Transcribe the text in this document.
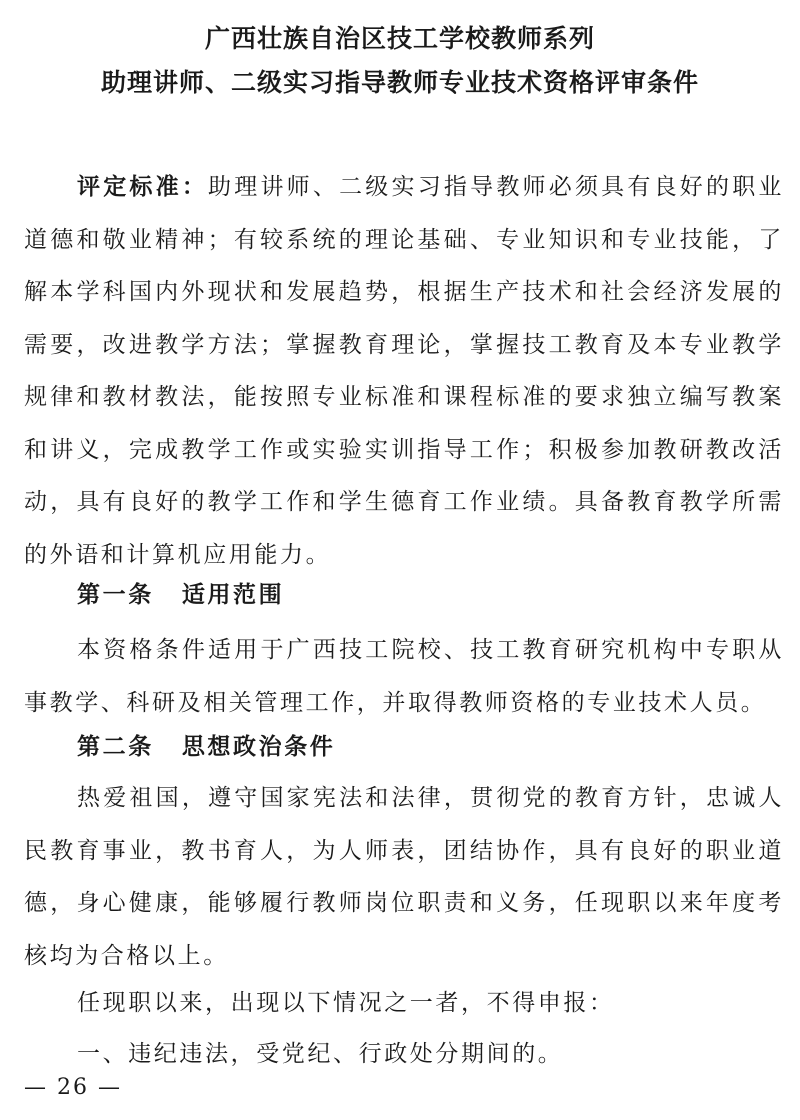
广西壮族自治区技工学校教师系列
助理讲师、二级实习指导教师专业技术资格评审条件

评定标准：助理讲师、二级实习指导教师必须具有良好的职业道德和敬业精神；有较系统的理论基础、专业知识和专业技能，了解本学科国内外现状和发展趋势，根据生产技术和社会经济发展的需要，改进教学方法；掌握教育理论，掌握技工教育及本专业教学规律和教材教法，能按照专业标准和课程标准的要求独立编写教案和讲义，完成教学工作或实验实训指导工作；积极参加教研教改活动，具有良好的教学工作和学生德育工作业绩。具备教育教学所需的外语和计算机应用能力。

第一条 适用范围

本资格条件适用于广西技工院校、技工教育研究机构中专职从事教学、科研及相关管理工作，并取得教师资格的专业技术人员。

第二条 思想政治条件

热爱祖国，遵守国家宪法和法律，贯彻党的教育方针，忠诚人民教育事业，教书育人，为人师表，团结协作，具有良好的职业道德，身心健康，能够履行教师岗位职责和义务，任现职以来年度考核均为合格以上。

任现职以来，出现以下情况之一者，不得申报：

一、违纪违法，受党纪、行政处分期间的。

— 26 —
